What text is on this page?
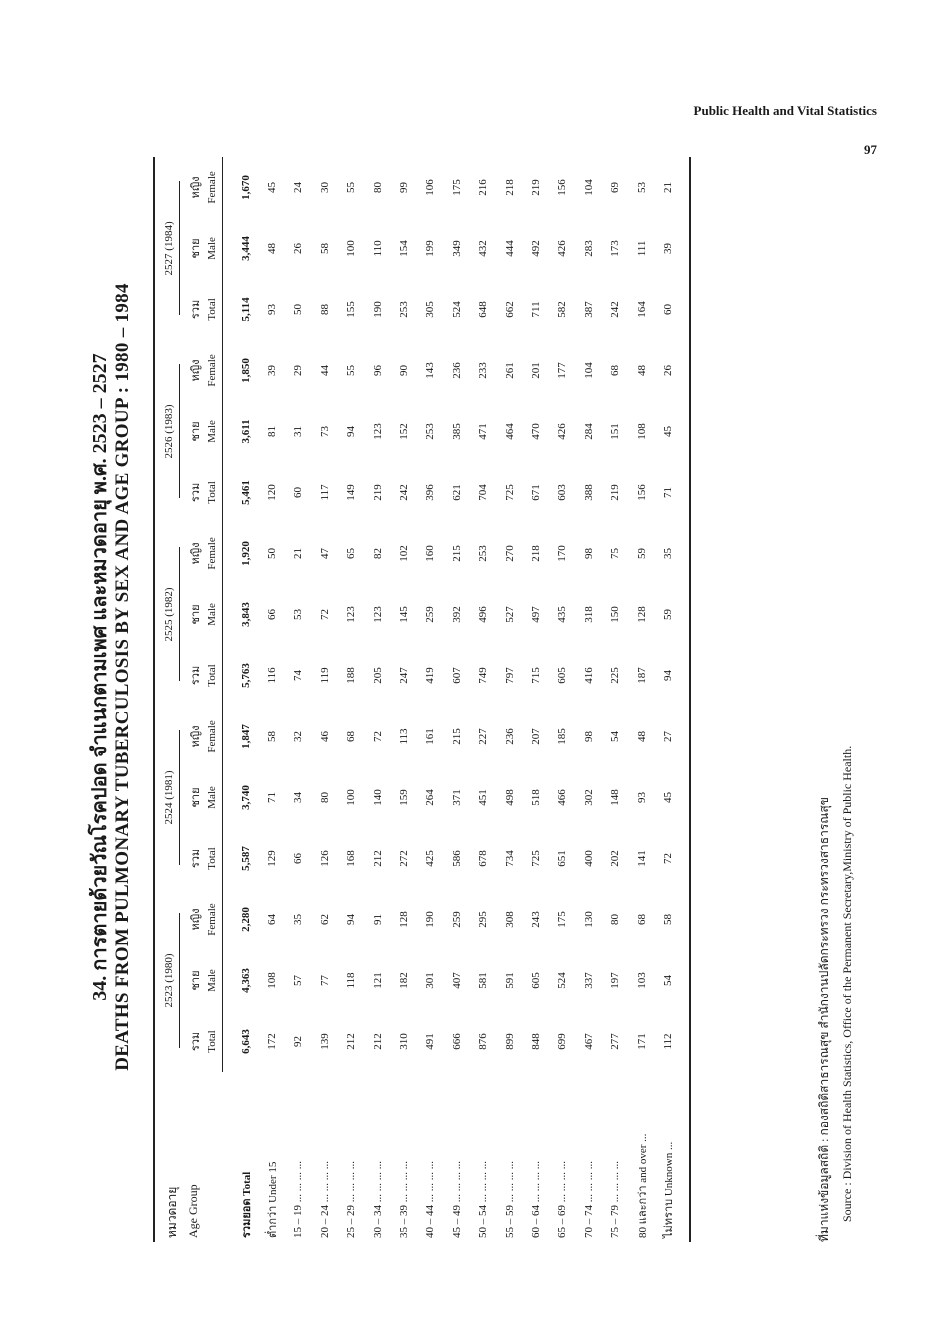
Public Health and Vital Statistics
97
34. การตายด้วยวัณโรคปอด จำแนกตามเพศ และหมวดอายุ พ.ศ. 2523 – 2527 DEATHS FROM PULMONARY TUBERCULOSIS BY SEX AND AGE GROUP : 1980 – 1984
หมวดอายุ Age Group	2523 (1980)			2524 (1981)			2525 (1982)			2526 (1983)			2527 (1984)		
	รวม	ชาย	หญิง	รวม	ชาย	หญิง	รวม	ชาย	หญิง	รวม	ชาย	หญิง	รวม	ชาย	หญิง
	Total	Male	Female	Total	Male	Female	Total	Male	Female	Total	Male	Female	Total	Male	Female
รวมยอด Total	6,643	4,363	2,280	5,587	3,740	1,847	5,763	3,843	1,920	5,461	3,611	1,850	5,114	3,444	1,670
ต่ำกว่า Under 15	172	108	64	129	71	58	116	66	50	120	81	39	93	48	45
15 – 19 ... ... ... ...	92	57	35	66	34	32	74	53	21	60	31	29	50	26	24
20 – 24 ... ... ... ...	139	77	62	126	80	46	119	72	47	117	73	44	88	58	30
25 – 29 ... ... ... ...	212	118	94	168	100	68	188	123	65	149	94	55	155	100	55
30 – 34 ... ... ... ...	212	121	91	212	140	72	205	123	82	219	123	96	190	110	80
35 – 39 ... ... ... ...	310	182	128	272	159	113	247	145	102	242	152	90	253	154	99
40 – 44 ... ... ... ...	491	301	190	425	264	161	419	259	160	396	253	143	305	199	106
45 – 49 ... ... ... ...	666	407	259	586	371	215	607	392	215	621	385	236	524	349	175
50 – 54 ... ... ... ...	876	581	295	678	451	227	749	496	253	704	471	233	648	432	216
55 – 59 ... ... ... ...	899	591	308	734	498	236	797	527	270	725	464	261	662	444	218
60 – 64 ... ... ... ...	848	605	243	725	518	207	715	497	218	671	470	201	711	492	219
65 – 69 ... ... ... ...	699	524	175	651	466	185	605	435	170	603	426	177	582	426	156
70 – 74 ... ... ... ...	467	337	130	400	302	98	416	318	98	388	284	104	387	283	104
75 – 79 ... ... ... ...	277	197	80	202	148	54	225	150	75	219	151	68	242	173	69
80 และกว่า and over ...	171	103	68	141	93	48	187	128	59	156	108	48	164	111	53
ไม่ทราบ Unknown ...	112	54	58	72	45	27	94	59	35	71	45	26	60	39	21
ที่มาแห่งข้อมูลสถิติ : กองสถิติสาธารณสุข สำนักงานปลัดกระทรวง กระทรวงสาธารณสุข Source : Division of Health Statistics, Office of the Permanent Secretary,Ministry of Public Health.
